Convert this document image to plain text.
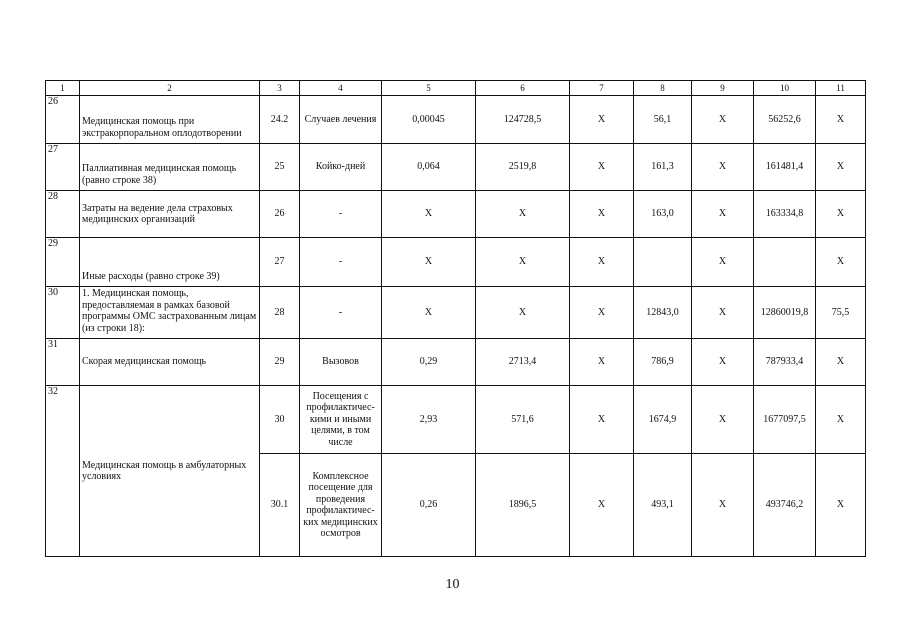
1	2	3	4	5	6	7	8	9	10	11
26	Медицинская помощь при экстракорпоральном оплодотворении	24.2	Случаев лечения	0,00045	124728,5	X	56,1	X	56252,6	X
27	Паллиативная медицинская помощь (равно строке 38)	25	Койко-дней	0,064	2519,8	X	161,3	X	161481,4	X
28	Затраты на ведение дела страховых медицинских организаций	26	-	X	X	X	163,0	X	163334,8	X
29	Иные расходы (равно строке 39)	27	-	X	X	X		X		X
30	1. Медицинская помощь, предоставляемая в рамках базовой программы ОМС застрахованным лицам (из строки 18):	28	-	X	X	X	12843,0	X	12860019,8	75,5
31	Скорая медицинская помощь	29	Вызовов	0,29	2713,4	X	786,9	X	787933,4	X
32	Медицинская помощь в амбулаторных условиях	30	Посещения с профилактичес-кими и иными целями, в том числе	2,93	571,6	X	1674,9	X	1677097,5	X
		30.1	Комплексное посещение для проведения профилактичес-ких медицинских осмотров	0,26	1896,5	X	493,1	X	493746,2	X
10
